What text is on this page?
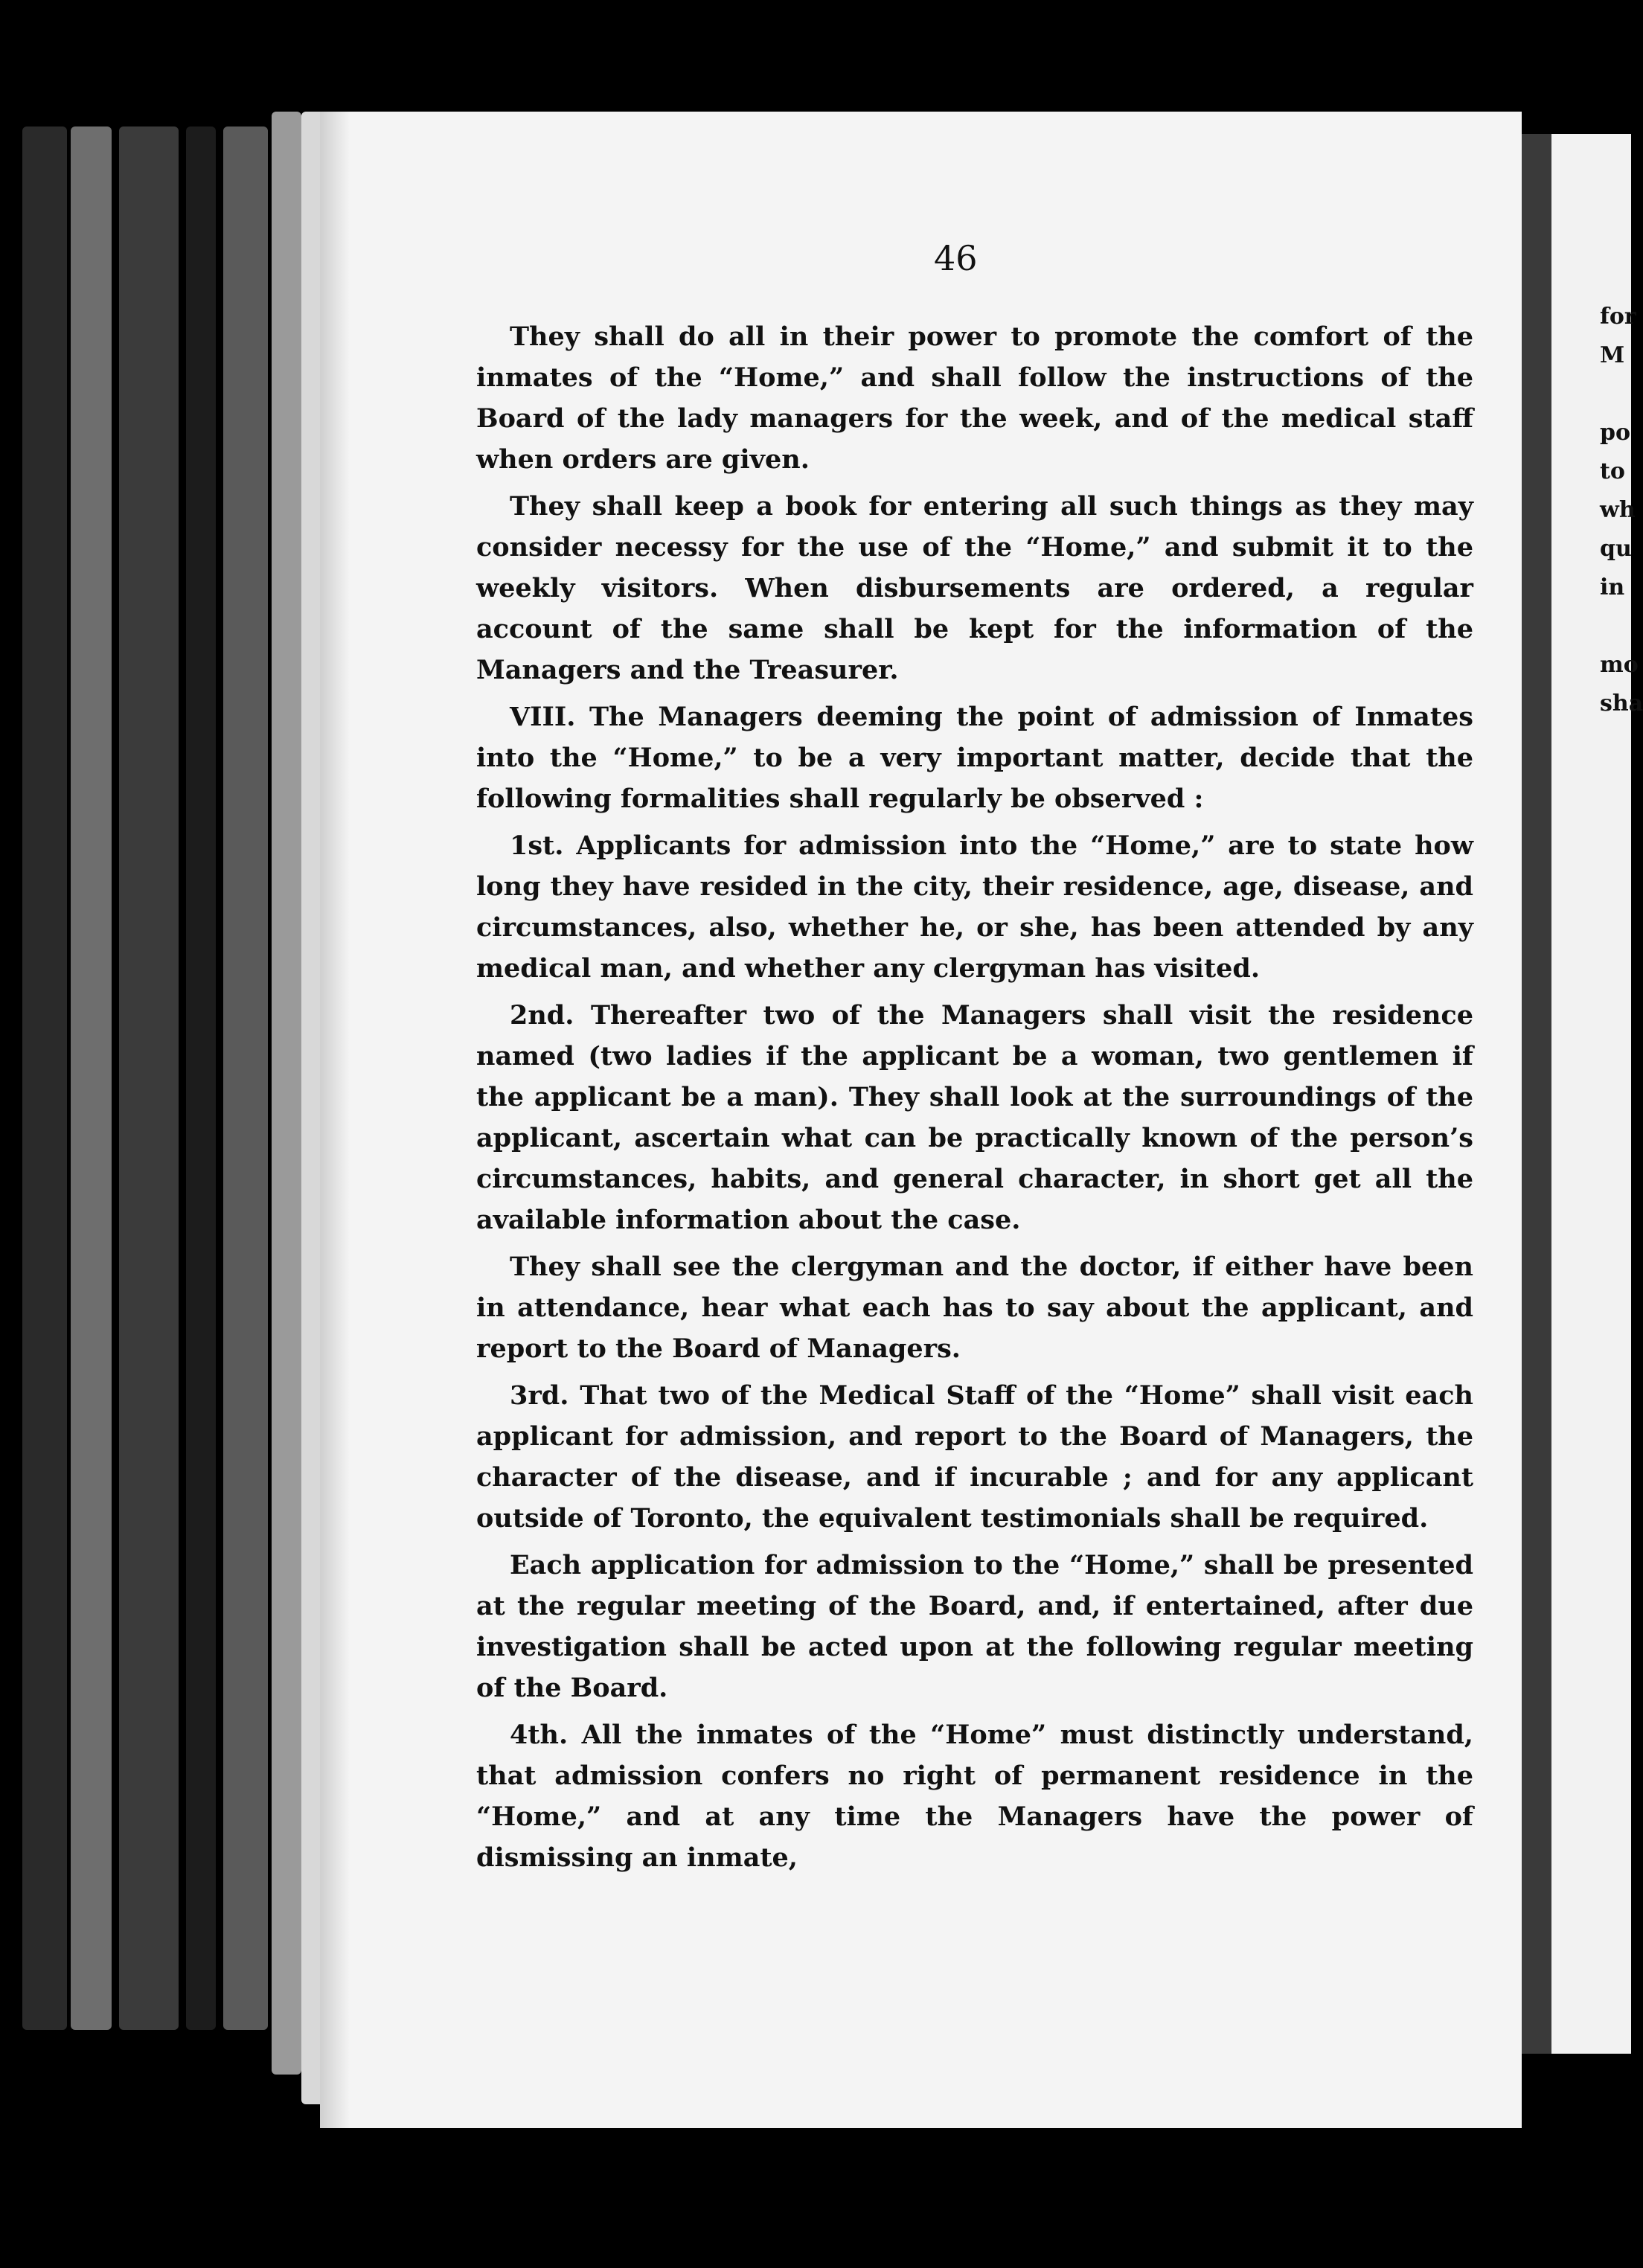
46

They shall do all in their power to promote the comfort of the inmates of the “Home,” and shall follow the instructions of the Board of the lady managers for the week, and of the medical staff when orders are given.

They shall keep a book for entering all such things as they may consider necessy for the use of the “Home,” and submit it to the weekly visitors. When disbursements are ordered, a regular account of the same shall be kept for the information of the Managers and the Treasurer.

VIII. The Managers deeming the point of admission of Inmates into the “Home,” to be a very important matter, decide that the following formalities shall regularly be observed :

1st. Applicants for admission into the “Home,” are to state how long they have resided in the city, their residence, age, disease, and circumstances, also, whether he, or she, has been attended by any medical man, and whether any clergyman has visited.

2nd. Thereafter two of the Managers shall visit the residence named (two ladies if the applicant be a woman, two gentlemen if the applicant be a man). They shall look at the surroundings of the applicant, ascertain what can be practically known of the person’s circumstances, habits, and general character, in short get all the available information about the case.

They shall see the clergyman and the doctor, if either have been in attendance, hear what each has to say about the applicant, and report to the Board of Managers.

3rd. That two of the Medical Staff of the “Home” shall visit each applicant for admission, and report to the Board of Managers, the character of the disease, and if incurable ; and for any applicant outside of Toronto, the equivalent testimonials shall be required.

Each application for admission to the “Home,” shall be presented at the regular meeting of the Board, and, if entertained, after due investigation shall be acted upon at the following regular meeting of the Board.

4th. All the inmates of the “Home” must distinctly understand, that admission confers no right of permanent residence in the “Home,” and at any time the Managers have the power of dismissing an inmate,

for
M
po
to
wh
qu
in
mo
sha
